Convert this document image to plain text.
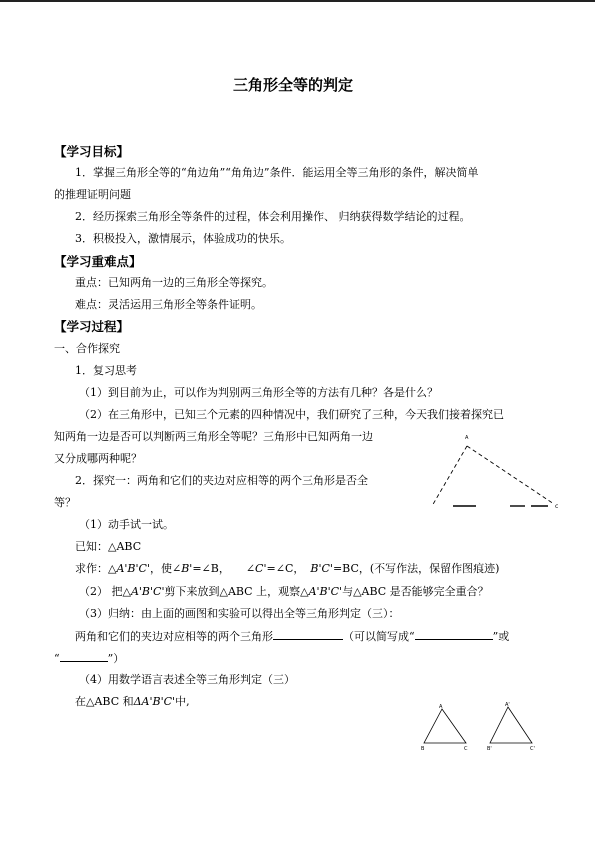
三角形全等的判定
【学习目标】
1．掌握三角形全等的“角边角”“角角边”条件．能运用全等三角形的条件，解决简单
的推理证明问题
2．经历探索三角形全等条件的过程，体会利用操作、 归纳获得数学结论的过程。
3．积极投入，激情展示，体验成功的快乐。
【学习重难点】
重点：已知两角一边的三角形全等探究。
难点：灵活运用三角形全等条件证明。
【学习过程】
一、合作探究
1．复习思考
（1）到目前为止，可以作为判别两三角形全等的方法有几种？各是什么？
（2）在三角形中，已知三个元素的四种情况中，我们研究了三种，今天我们接着探究已
知两角一边是否可以判断两三角形全等呢？三角形中已知两角一边
又分成哪两种呢？
2．探究一：两角和它们的夹边对应相等的两个三角形是否全
等？
（1）动手试一试。
已知：△ABC
求作：△A'B'C'，使∠B'=∠B， ∠C'=∠C， B'C'=BC，(不写作法，保留作图痕迹)
（2） 把△A'B'C'剪下来放到△ABC 上，观察△A'B'C'与△ABC 是否能够完全重合？
（3）归纳：由上面的画图和实验可以得出全等三角形判定（三）：
两角和它们的夹边对应相等的两个三角形	（可以简写成“	”或
“	”）
（4）用数学语言表述全等三角形判定（三）
在△ABC 和ΔA'B'C'中,
A
c
A
B	C
A'
B'	C'
